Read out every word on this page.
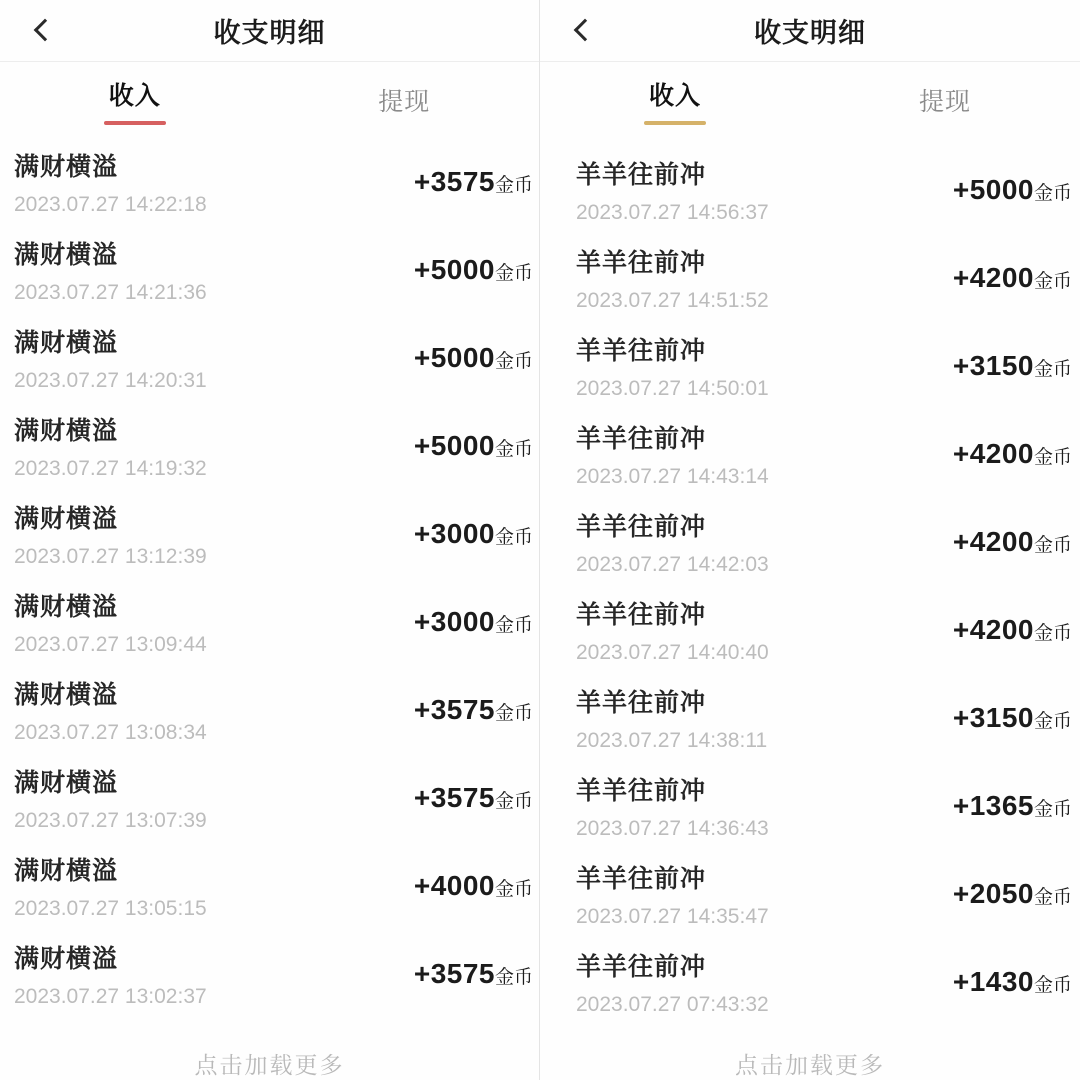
收支明细
收入	提现
满财横溢
2023.07.27 14:22:18
+3575金币
满财横溢
2023.07.27 14:21:36
+5000金币
满财横溢
2023.07.27 14:20:31
+5000金币
满财横溢
2023.07.27 14:19:32
+5000金币
满财横溢
2023.07.27 13:12:39
+3000金币
满财横溢
2023.07.27 13:09:44
+3000金币
满财横溢
2023.07.27 13:08:34
+3575金币
满财横溢
2023.07.27 13:07:39
+3575金币
满财横溢
2023.07.27 13:05:15
+4000金币
满财横溢
2023.07.27 13:02:37
+3575金币
点击加载更多
收支明细
收入	提现
羊羊往前冲
2023.07.27 14:56:37
+5000金币
羊羊往前冲
2023.07.27 14:51:52
+4200金币
羊羊往前冲
2023.07.27 14:50:01
+3150金币
羊羊往前冲
2023.07.27 14:43:14
+4200金币
羊羊往前冲
2023.07.27 14:42:03
+4200金币
羊羊往前冲
2023.07.27 14:40:40
+4200金币
羊羊往前冲
2023.07.27 14:38:11
+3150金币
羊羊往前冲
2023.07.27 14:36:43
+1365金币
羊羊往前冲
2023.07.27 14:35:47
+2050金币
羊羊往前冲
2023.07.27 07:43:32
+1430金币
点击加载更多
